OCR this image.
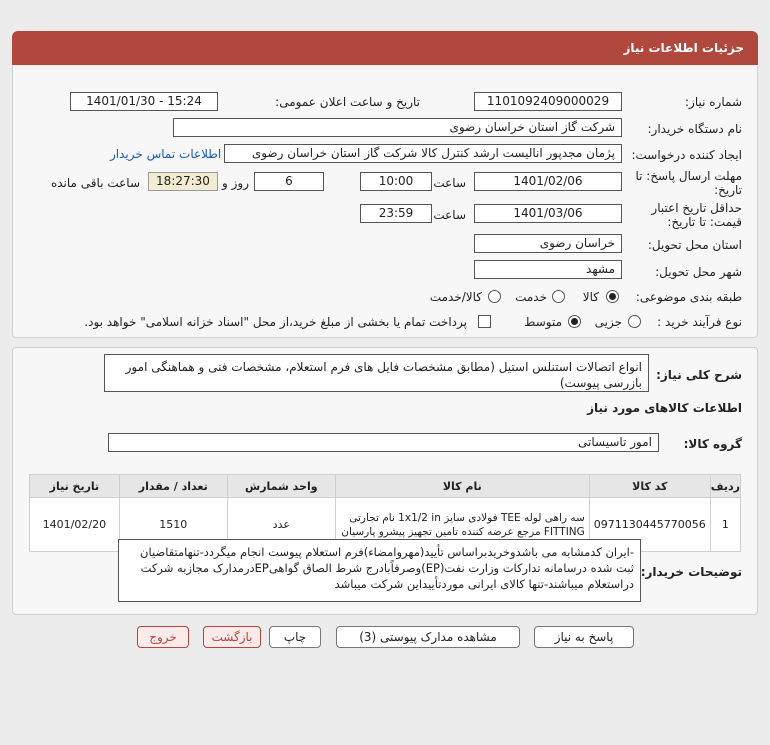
جزئیات اطلاعات نیاز
شماره نیاز:
1101092409000029
تاریخ و ساعت اعلان عمومی:
1401/01/30 - 15:24
نام دستگاه خریدار:
شرکت گاز استان خراسان رضوی
ایجاد کننده درخواست:
پژمان مجدپور انالیست ارشد کنترل کالا شرکت گاز استان خراسان رضوی
اطلاعات تماس خریدار
مهلت ارسال پاسخ: تا
تاریخ:
1401/02/06
ساعت
10:00
6
روز و
18:27:30
ساعت باقی مانده
حداقل تاریخ اعتبار
قیمت: تا تاریخ:
1401/03/06
ساعت
23:59
استان محل تحویل:
خراسان رضوی
شهر محل تحویل:
مشهد
طبقه بندی موضوعی:
کالا
خدمت
کالا/خدمت
نوع فرآیند خرید :
جزیی
متوسط
پرداخت تمام یا بخشی از مبلغ خرید،از محل "اسناد خزانه اسلامی" خواهد بود.
شرح کلی نیاز:
انواع اتصالات استنلس استیل (مطابق مشخصات فایل های فرم استعلام، مشخصات فنی و هماهنگی امور بازرسی پیوست)
اطلاعات کالاهای مورد نیاز
گروه کالا:
امور تاسیساتی
ردیف	کد کالا	نام کالا	واحد شمارش	تعداد / مقدار	تاریخ نیاز
1	0971130445770056	سه راهی لوله TEE فولادی سایز 1x1/2 in نام تجارتی FITTING مرجع عرضه کننده تامین تجهیز پیشرو پارسیان	عدد	1510	1401/02/20
توضیحات خریدار:
-ایران کدمشابه می باشدوخریدبراساس تأیید(مهروامضاء)فرم استعلام پیوست انجام میگردد-تنهامتقاضیان ثبت شده درسامانه تدارکات وزارت نفت(EP)وصرفاًبادرج شرط الصاق گواهیEPدرمدارک مجازبه شرکت دراستعلام میباشند-تنها کالای ایرانی موردتأییداین شرکت میباشد
پاسخ به نیاز
مشاهده مدارک پیوستی (3)
چاپ
بازگشت
خروج
